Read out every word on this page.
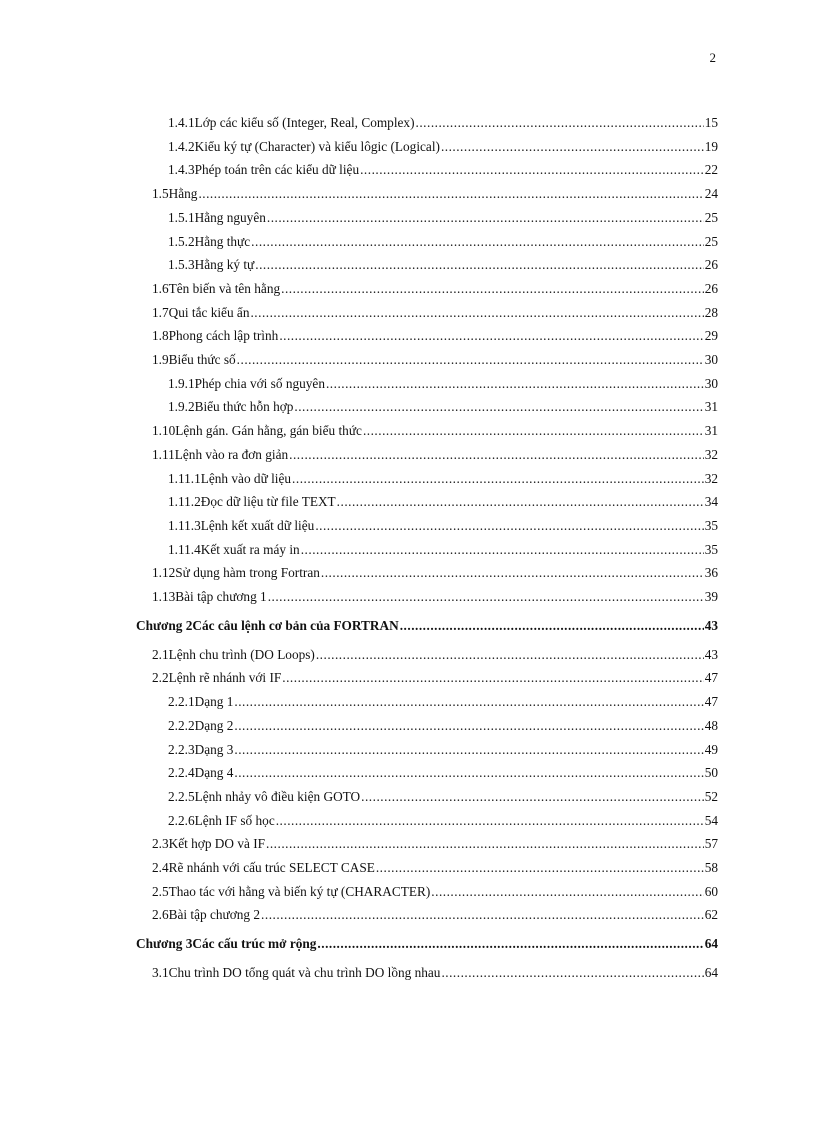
2
1.4.1 Lớp các kiểu số (Integer, Real, Complex) .....	15
1.4.2 Kiểu ký tự (Character) và kiểu lôgic (Logical) .....	19
1.4.3 Phép toán trên các kiểu dữ liệu .....	22
1.5 Hằng .....	24
1.5.1 Hằng nguyên .....	25
1.5.2 Hằng thực .....	25
1.5.3 Hằng ký tự .....	26
1.6 Tên biến và tên hằng .....	26
1.7 Qui tắc kiểu ẩn .....	28
1.8 Phong cách lập trình .....	29
1.9 Biểu thức số .....	30
1.9.1 Phép chia với số nguyên .....	30
1.9.2 Biểu thức hỗn hợp .....	31
1.10 Lệnh gán. Gán hằng, gán biểu thức .....	31
1.11 Lệnh vào ra đơn giản .....	32
1.11.1 Lệnh vào dữ liệu .....	32
1.11.2 Đọc dữ liệu từ file TEXT .....	34
1.11.3 Lệnh kết xuất dữ liệu .....	35
1.11.4 Kết xuất ra máy in .....	35
1.12 Sử dụng hàm trong Fortran .....	36
1.13 Bài tập chương 1 .....	39
Chương 2 Các câu lệnh cơ bản của FORTRAN .....	43
2.1 Lệnh chu trình (DO Loops) .....	43
2.2 Lệnh rẽ nhánh với IF .....	47
2.2.1 Dạng 1 .....	47
2.2.2 Dạng 2 .....	48
2.2.3 Dạng 3 .....	49
2.2.4 Dạng 4 .....	50
2.2.5 Lệnh nhảy vô điều kiện GOTO .....	52
2.2.6 Lệnh IF số học .....	54
2.3 Kết hợp DO và IF .....	57
2.4 Rẽ nhánh với cấu trúc SELECT CASE .....	58
2.5 Thao tác với hằng và biến ký tự (CHARACTER) .....	60
2.6 Bài tập chương 2 .....	62
Chương 3 Các cấu trúc mở rộng .....	64
3.1 Chu trình DO tổng quát và chu trình DO lồng nhau .....	64
